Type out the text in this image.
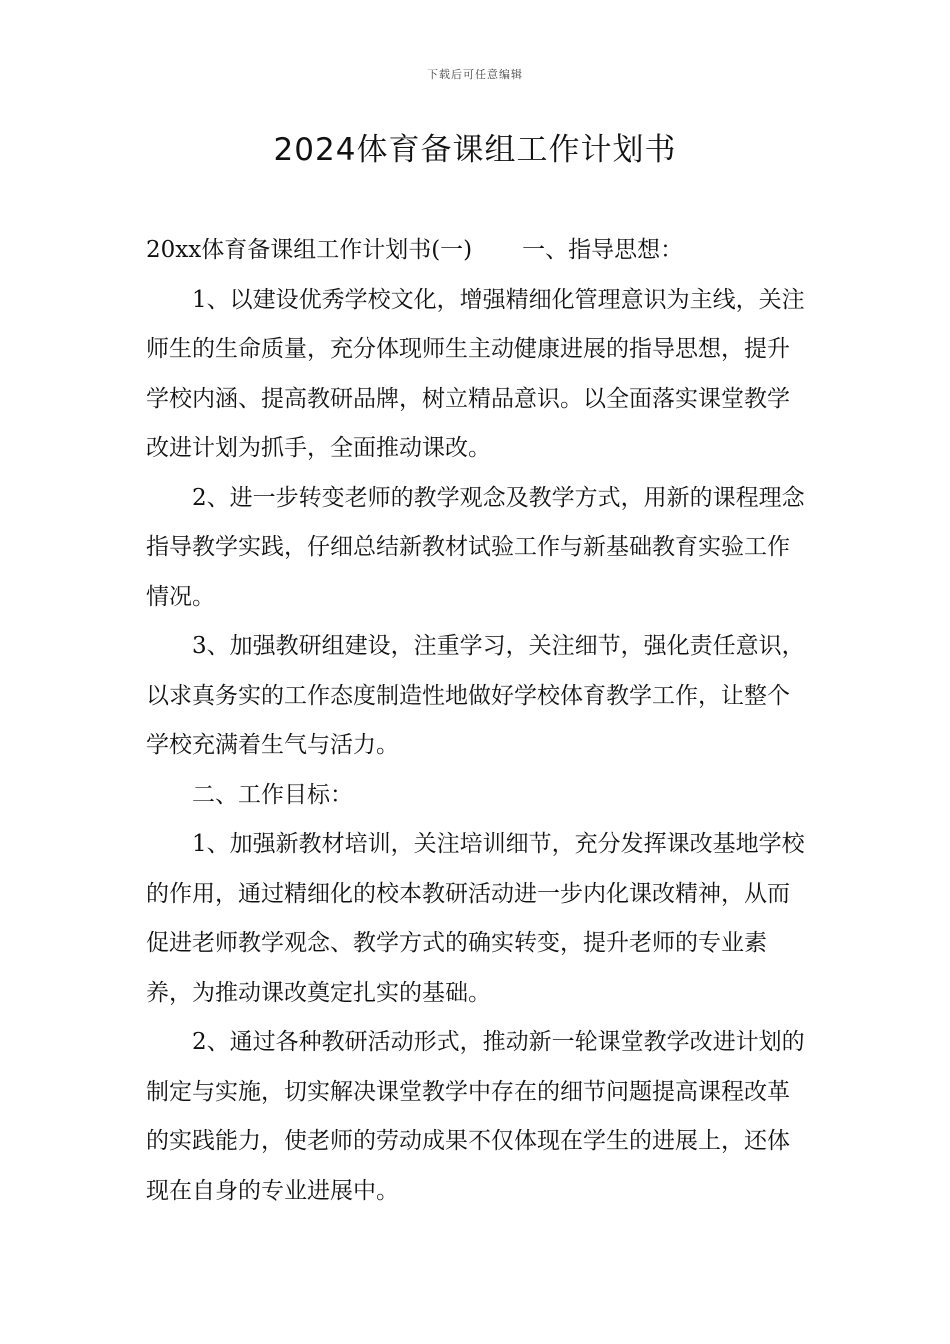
下载后可任意编辑
2024体育备课组工作计划书

20xx体育备课组工作计划书(一) 一、指导思想：

1、以建设优秀学校文化，增强精细化管理意识为主线，关注师生的生命质量，充分体现师生主动健康进展的指导思想，提升学校内涵、提高教研品牌，树立精品意识。以全面落实课堂教学改进计划为抓手，全面推动课改。

2、进一步转变老师的教学观念及教学方式，用新的课程理念指导教学实践，仔细总结新教材试验工作与新基础教育实验工作情况。

3、加强教研组建设，注重学习，关注细节，强化责任意识，以求真务实的工作态度制造性地做好学校体育教学工作，让整个学校充满着生气与活力。

二、工作目标：

1、加强新教材培训，关注培训细节，充分发挥课改基地学校的作用，通过精细化的校本教研活动进一步内化课改精神，从而促进老师教学观念、教学方式的确实转变，提升老师的专业素养，为推动课改奠定扎实的基础。

2、通过各种教研活动形式，推动新一轮课堂教学改进计划的制定与实施，切实解决课堂教学中存在的细节问题提高课程改革的实践能力，使老师的劳动成果不仅体现在学生的进展上，还体现在自身的专业进展中。
